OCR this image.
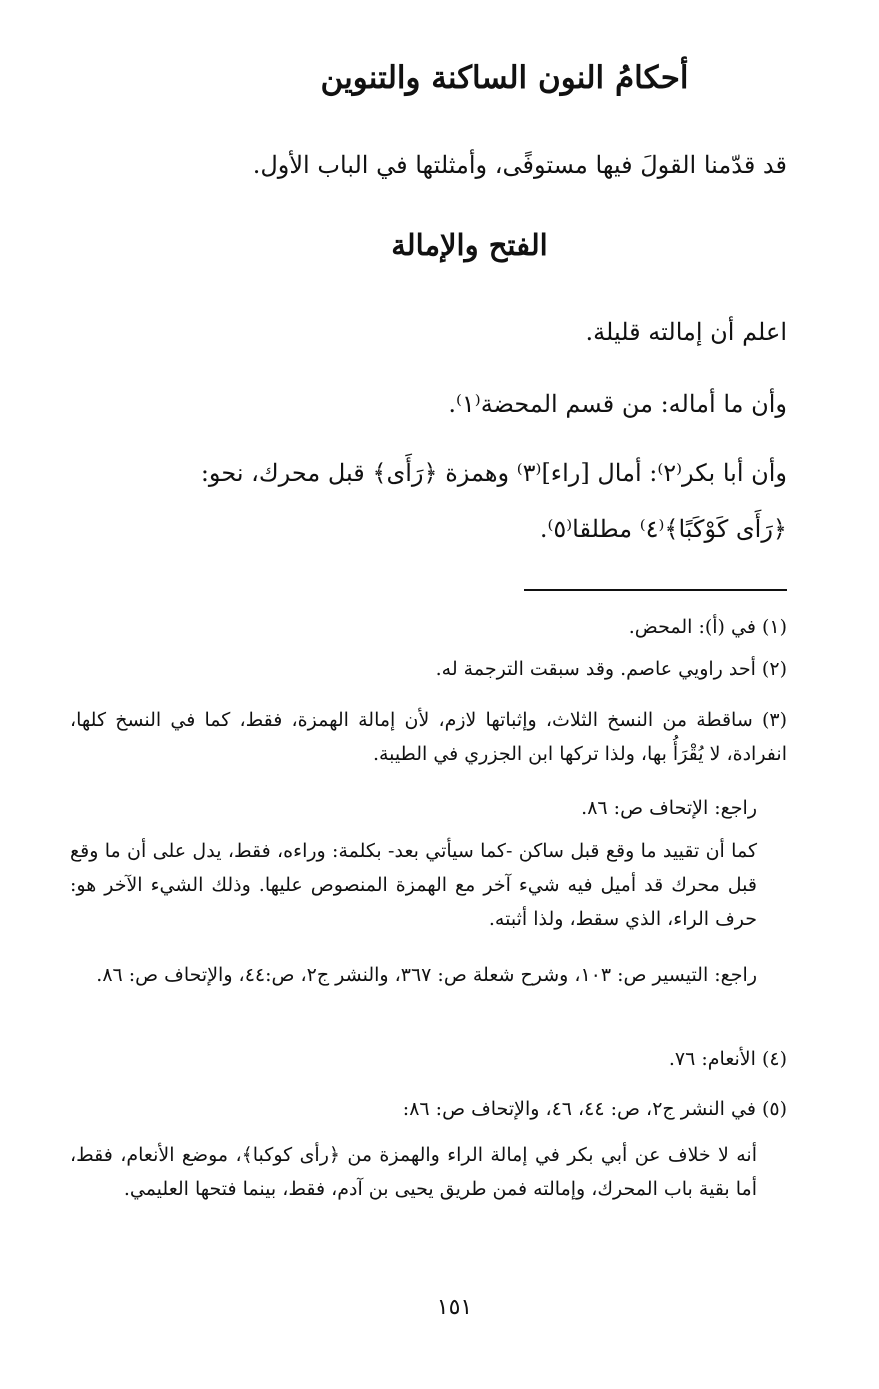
أحكامُ النون الساكنة والتنوين

قد قدّمنا القولَ فيها مستوفًى، وأمثلتها في الباب الأول.

الفتح والإمالة

اعلم أن إمالته قليلة.

وأن ما أماله: من قسم المحضة⁽١⁾.

وأن أبا بكر⁽٢⁾: أمال [راء]⁽٣⁾ وهمزة ﴿رَأَى﴾ قبل محرك، نحو:

﴿رَأَى كَوْكَبًا﴾⁽٤⁾ مطلقا⁽٥⁾.

(١) في (أ): المحض.

(٢) أحد راويي عاصم. وقد سبقت الترجمة له.

(٣) ساقطة من النسخ الثلاث، وإثباتها لازم، لأن إمالة الهمزة، فقط، كما في النسخ كلها، انفرادة، لا يُقْرَأُ بها، ولذا تركها ابن الجزري في الطيبة.

راجع: الإتحاف ص: ٨٦.

كما أن تقييد ما وقع قبل ساكن -كما سيأتي بعد- بكلمة: وراءه، فقط، يدل على أن ما وقع قبل محرك قد أميل فيه شيء آخر مع الهمزة المنصوص عليها. وذلك الشيء الآخر هو: حرف الراء، الذي سقط، ولذا أثبته.

راجع: التيسير ص: ١٠٣، وشرح شعلة ص: ٣٦٧، والنشر ج٢، ص:٤٤، والإتحاف ص: ٨٦.

(٤) الأنعام: ٧٦.

(٥) في النشر ج٢، ص: ٤٤، ٤٦، والإتحاف ص: ٨٦:

أنه لا خلاف عن أبي بكر في إمالة الراء والهمزة من ﴿رأى كوكبا﴾، موضع الأنعام، فقط، أما بقية باب المحرك، وإمالته فمن طريق يحيى بن آدم، فقط، بينما فتحها العليمي.

١٥١
